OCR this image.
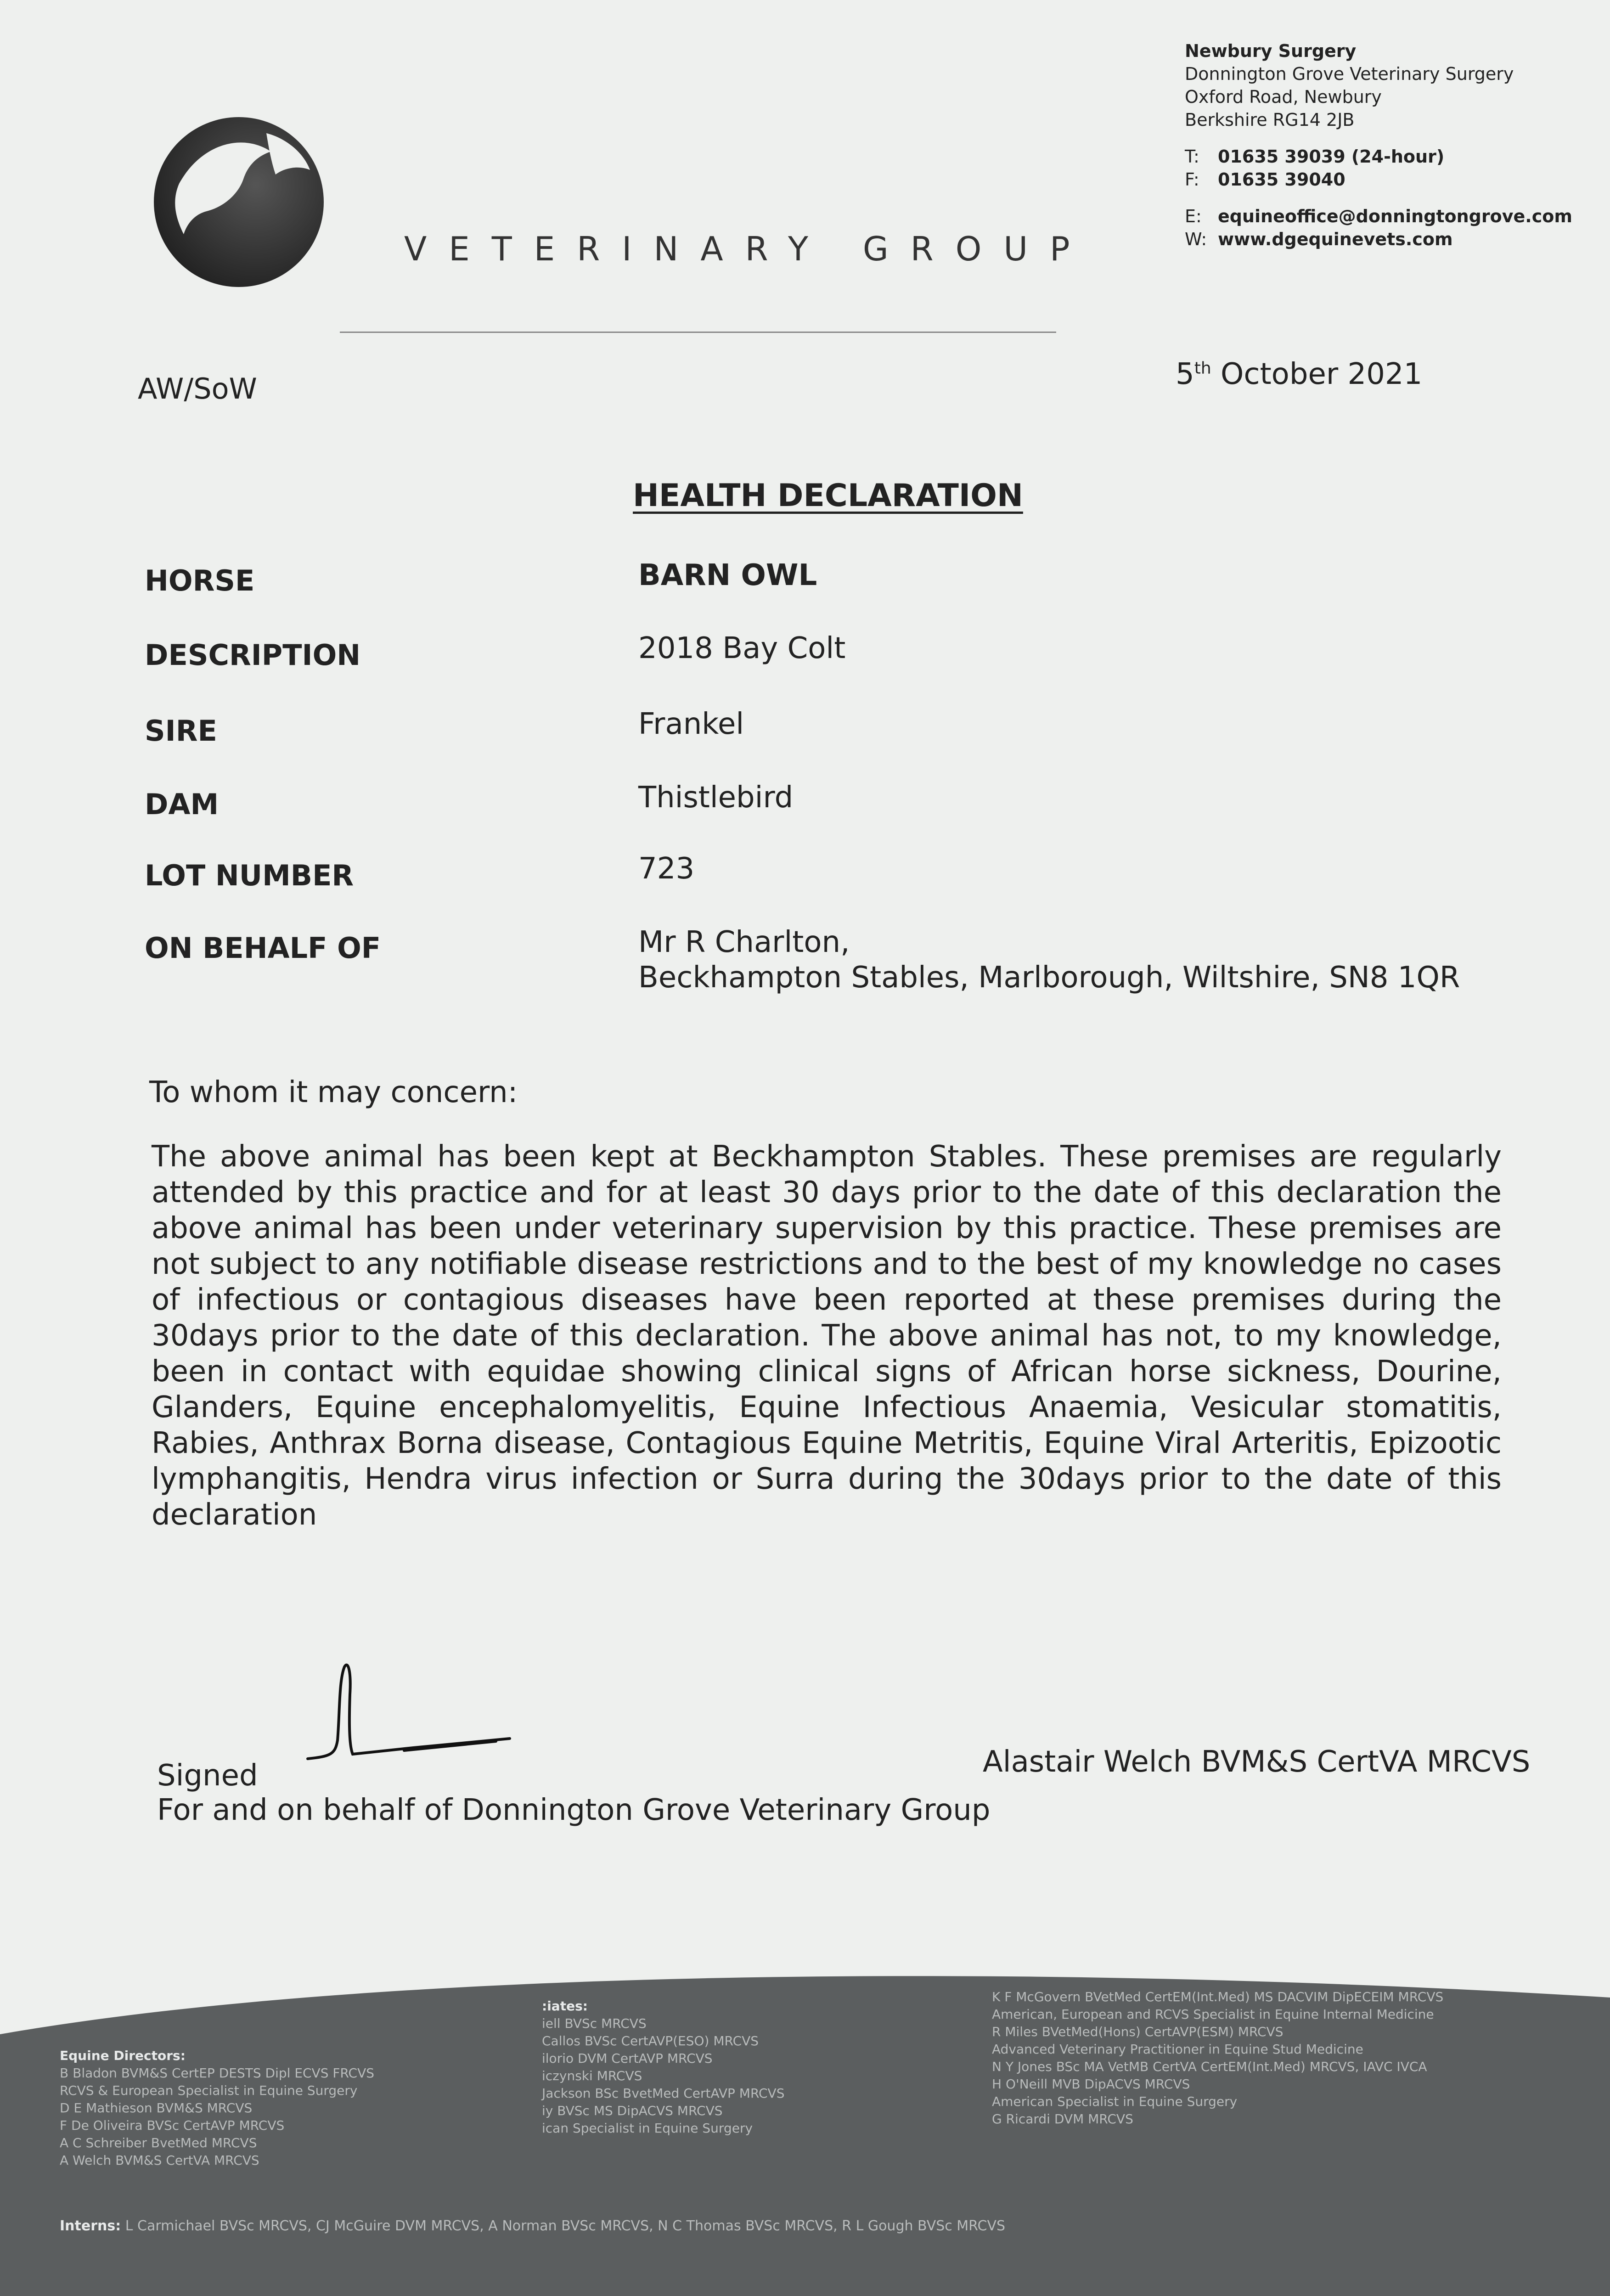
VETERINARY GROUP
Newbury Surgery
Donnington Grove Veterinary Surgery
Oxford Road, Newbury
Berkshire RG14 2JB
T: 01635 39039 (24-hour)
F: 01635 39040
E: equineoffice@donningtongrove.com
W: www.dgequinevets.com
AW/SoW	5th October 2021
HEALTH DECLARATION
HORSE	BARN OWL
DESCRIPTION	2018 Bay Colt
SIRE	Frankel
DAM	Thistlebird
LOT NUMBER	723
ON BEHALF OF	Mr R Charlton,
Beckhampton Stables, Marlborough, Wiltshire, SN8 1QR
To whom it may concern:
The above animal has been kept at Beckhampton Stables. These premises are regularly attended by this practice and for at least 30 days prior to the date of this declaration the above animal has been under veterinary supervision by this practice. These premises are not subject to any notifiable disease restrictions and to the best of my knowledge no cases of infectious or contagious diseases have been reported at these premises during the 30days prior to the date of this declaration. The above animal has not, to my knowledge, been in contact with equidae showing clinical signs of African horse sickness, Dourine, Glanders, Equine encephalomyelitis, Equine Infectious Anaemia, Vesicular stomatitis, Rabies, Anthrax Borna disease, Contagious Equine Metritis, Equine Viral Arteritis, Epizootic lymphangitis, Hendra virus infection or Surra during the 30days prior to the date of this declaration
Signed	Alastair Welch BVM&S CertVA MRCVS
For and on behalf of Donnington Grove Veterinary Group
Equine Directors:
B Bladon BVM&S CertEP DESTS Dipl ECVS FRCVS
RCVS & European Specialist in Equine Surgery
D E Mathieson BVM&S MRCVS
F De Oliveira BVSc CertAVP MRCVS
A C Schreiber BvetMed MRCVS
A Welch BVM&S CertVA MRCVS
:iates:
iell BVSc MRCVS
Callos BVSc CertAVP(ESO) MRCVS
ilorio DVM CertAVP MRCVS
iczynski MRCVS
Jackson BSc BvetMed CertAVP MRCVS
iy BVSc MS DipACVS MRCVS
ican Specialist in Equine Surgery
K F McGovern BVetMed CertEM(Int.Med) MS DACVIM DipECEIM MRCVS
American, European and RCVS Specialist in Equine Internal Medicine
R Miles BVetMed(Hons) CertAVP(ESM) MRCVS
Advanced Veterinary Practitioner in Equine Stud Medicine
N Y Jones BSc MA VetMB CertVA CertEM(Int.Med) MRCVS, IAVC IVCA
H O'Neill MVB DipACVS MRCVS
American Specialist in Equine Surgery
G Ricardi DVM MRCVS
Interns: L Carmichael BVSc MRCVS, CJ McGuire DVM MRCVS, A Norman BVSc MRCVS, N C Thomas BVSc MRCVS, R L Gough BVSc MRCVS
